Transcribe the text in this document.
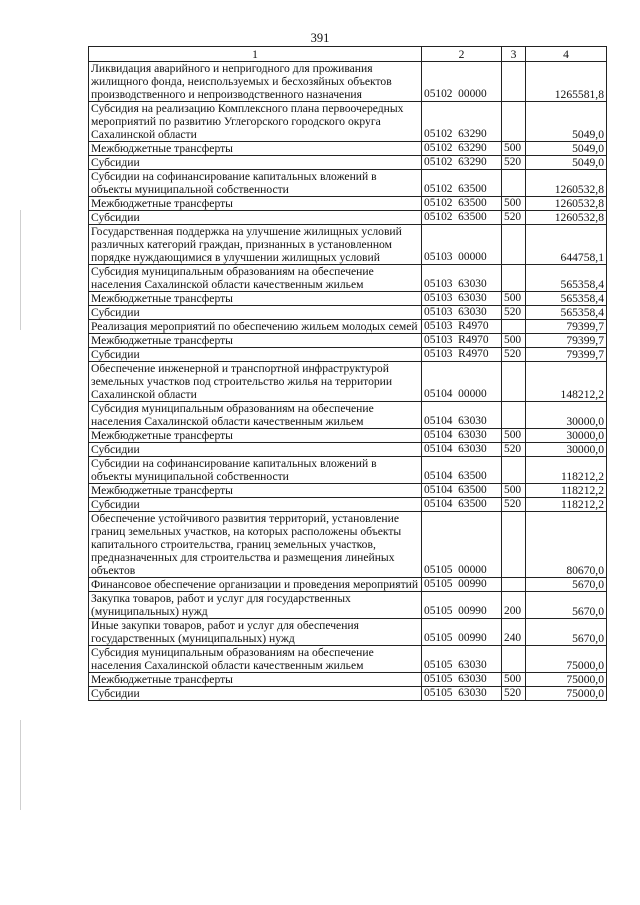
391
1	2	3	4
Ликвидация аварийного и непригодного для проживания жилищного фонда, неиспользуемых и бесхозяйных объектов производственного и непроизводственного назначения	05102  00000		1265581,8
Субсидия на реализацию Комплексного плана первоочередных мероприятий по развитию Углегорского городского округа Сахалинской области	05102  63290		5049,0
Межбюджетные трансферты	05102  63290	500	5049,0
Субсидии	05102  63290	520	5049,0
Субсидии на софинансирование капитальных вложений в объекты муниципальной собственности	05102  63500		1260532,8
Межбюджетные трансферты	05102  63500	500	1260532,8
Субсидии	05102  63500	520	1260532,8
Государственная поддержка на улучшение жилищных условий различных категорий граждан, признанных в установленном порядке нуждающимися в улучшении жилищных условий	05103  00000		644758,1
Субсидия муниципальным образованиям на обеспечение населения Сахалинской области качественным жильем	05103  63030		565358,4
Межбюджетные трансферты	05103  63030	500	565358,4
Субсидии	05103  63030	520	565358,4
Реализация мероприятий по обеспечению жильем молодых семей	05103  R4970		79399,7
Межбюджетные трансферты	05103  R4970	500	79399,7
Субсидии	05103  R4970	520	79399,7
Обеспечение инженерной и транспортной инфраструктурой земельных участков под строительство жилья на территории Сахалинской области	05104  00000		148212,2
Субсидия муниципальным образованиям на обеспечение населения Сахалинской области качественным жильем	05104  63030		30000,0
Межбюджетные трансферты	05104  63030	500	30000,0
Субсидии	05104  63030	520	30000,0
Субсидии на софинансирование капитальных вложений в объекты муниципальной собственности	05104  63500		118212,2
Межбюджетные трансферты	05104  63500	500	118212,2
Субсидии	05104  63500	520	118212,2
Обеспечение устойчивого развития территорий, установление границ земельных участков, на которых расположены объекты капитального строительства, границ земельных участков, предназначенных для строительства и размещения линейных объектов	05105  00000		80670,0
Финансовое обеспечение организации и проведения мероприятий	05105  00990		5670,0
Закупка товаров, работ и услуг для государственных (муниципальных) нужд	05105  00990	200	5670,0
Иные закупки товаров, работ и услуг для обеспечения государственных (муниципальных) нужд	05105  00990	240	5670,0
Субсидия муниципальным образованиям на обеспечение населения Сахалинской области качественным жильем	05105  63030		75000,0
Межбюджетные трансферты	05105  63030	500	75000,0
Субсидии	05105  63030	520	75000,0
